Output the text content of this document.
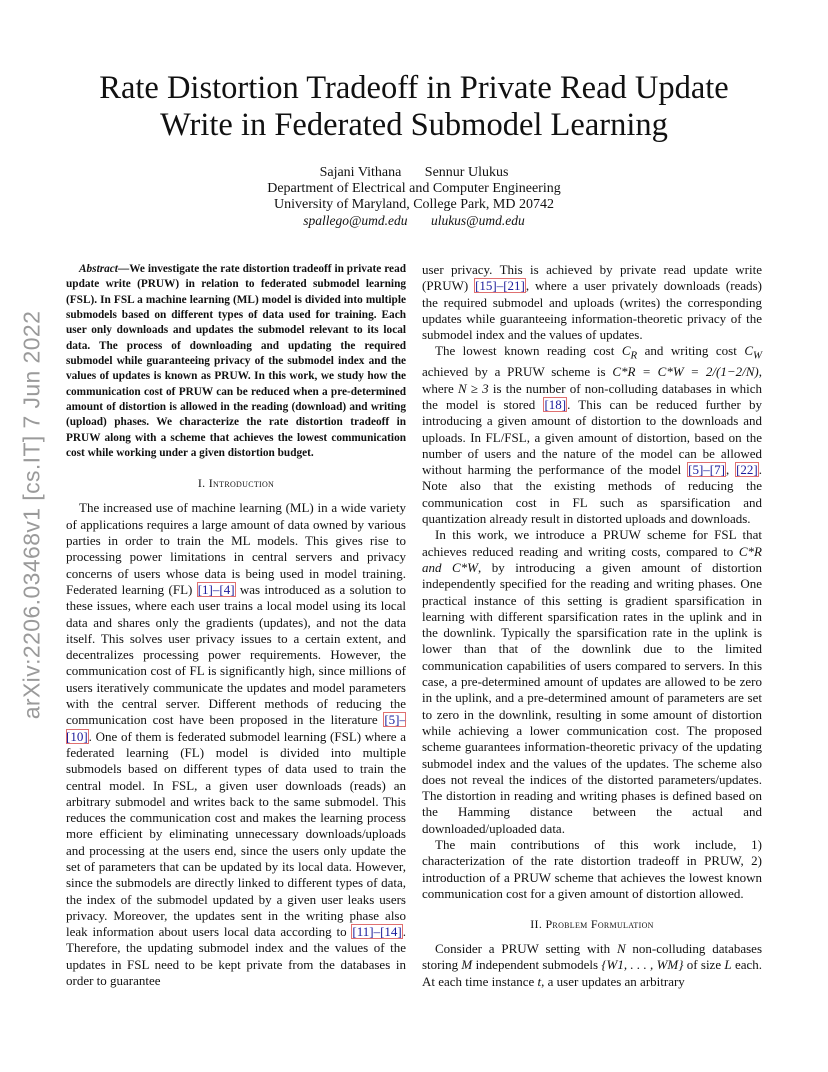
arXiv:2206.03468v1 [cs.IT] 7 Jun 2022
Rate Distortion Tradeoff in Private Read Update
Write in Federated Submodel Learning
Sajani Vithana Sennur Ulukus
Department of Electrical and Computer Engineering
University of Maryland, College Park, MD 20742
spallego@umd.edu ulukus@umd.edu

Abstract—We investigate the rate distortion tradeoff in private read update write (PRUW) in relation to federated submodel learning (FSL). In FSL a machine learning (ML) model is divided into multiple submodels based on different types of data used for training. Each user only downloads and updates the submodel relevant to its local data. The process of downloading and updating the required submodel while guaranteeing privacy of the submodel index and the values of updates is known as PRUW. In this work, we study how the communication cost of PRUW can be reduced when a pre-determined amount of distortion is allowed in the reading (download) and writing (upload) phases. We characterize the rate distortion tradeoff in PRUW along with a scheme that achieves the lowest communication cost while working under a given distortion budget.

I. Introduction

The increased use of machine learning (ML) in a wide variety of applications requires a large amount of data owned by various parties in order to train the ML models. This gives rise to processing power limitations in central servers and privacy concerns of users whose data is being used in model training. Federated learning (FL) [1]–[4] was introduced as a solution to these issues, where each user trains a local model using its local data and shares only the gradients (updates), and not the data itself. This solves user privacy issues to a certain extent, and decentralizes processing power requirements. However, the communication cost of FL is significantly high, since millions of users iteratively communicate the updates and model parameters with the central server. Different methods of reducing the communication cost have been proposed in the literature [5]–[10]. One of them is federated submodel learning (FSL) where a federated learning (FL) model is divided into multiple submodels based on different types of data used to train the central model. In FSL, a given user downloads (reads) an arbitrary submodel and writes back to the same submodel. This reduces the communication cost and makes the learning process more efficient by eliminating unnecessary downloads/uploads and processing at the users end, since the users only update the set of parameters that can be updated by its local data. However, since the submodels are directly linked to different types of data, the index of the submodel updated by a given user leaks users privacy. Moreover, the updates sent in the writing phase also leak information about users local data according to [11]–[14]. Therefore, the updating submodel index and the values of the updates in FSL need to be kept private from the databases in order to guarantee

user privacy. This is achieved by private read update write (PRUW) [15]–[21], where a user privately downloads (reads) the required submodel and uploads (writes) the corresponding updates while guaranteeing information-theoretic privacy of the submodel index and the values of updates.

The lowest known reading cost $C_R$ and writing cost $C_W$ achieved by a PRUW scheme is C*R = C*W = 2/(1−2/N), where N ≥ 3 is the number of non-colluding databases in which the model is stored [18]. This can be reduced further by introducing a given amount of distortion to the downloads and uploads. In FL/FSL, a given amount of distortion, based on the number of users and the nature of the model can be allowed without harming the performance of the model [5]–[7], [22]. Note also that the existing methods of reducing the communication cost in FL such as sparsification and quantization already result in distorted uploads and downloads.

In this work, we introduce a PRUW scheme for FSL that achieves reduced reading and writing costs, compared to C*R and C*W, by introducing a given amount of distortion independently specified for the reading and writing phases. One practical instance of this setting is gradient sparsification in learning with different sparsification rates in the uplink and in the downlink. Typically the sparsification rate in the uplink is lower than that of the downlink due to the limited communication capabilities of users compared to servers. In this case, a pre-determined amount of updates are allowed to be zero in the uplink, and a pre-determined amount of parameters are set to zero in the downlink, resulting in some amount of distortion while achieving a lower communication cost. The proposed scheme guarantees information-theoretic privacy of the updating submodel index and the values of the updates. The scheme also does not reveal the indices of the distorted parameters/updates. The distortion in reading and writing phases is defined based on the Hamming distance between the actual and downloaded/uploaded data.

The main contributions of this work include, 1) characterization of the rate distortion tradeoff in PRUW, 2) introduction of a PRUW scheme that achieves the lowest known communication cost for a given amount of distortion allowed.

II. Problem Formulation

Consider a PRUW setting with N non-colluding databases storing M independent submodels {W1, . . . , WM} of size L each. At each time instance t, a user updates an arbitrary
